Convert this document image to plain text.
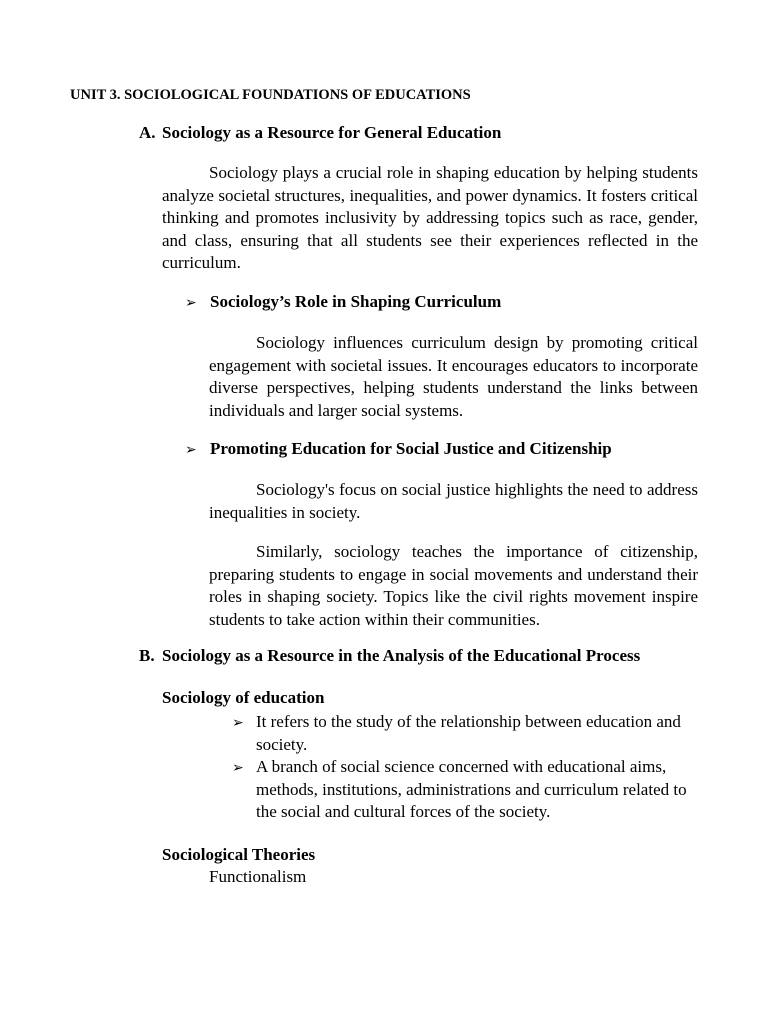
UNIT 3. SOCIOLOGICAL FOUNDATIONS OF EDUCATIONS

A. Sociology as a Resource for General Education

Sociology plays a crucial role in shaping education by helping students analyze societal structures, inequalities, and power dynamics. It fosters critical thinking and promotes inclusivity by addressing topics such as race, gender, and class, ensuring that all students see their experiences reflected in the curriculum.

➢ Sociology’s Role in Shaping Curriculum

Sociology influences curriculum design by promoting critical engagement with societal issues. It encourages educators to incorporate diverse perspectives, helping students understand the links between individuals and larger social systems.

➢ Promoting Education for Social Justice and Citizenship

Sociology's focus on social justice highlights the need to address inequalities in society.

Similarly, sociology teaches the importance of citizenship, preparing students to engage in social movements and understand their roles in shaping society. Topics like the civil rights movement inspire students to take action within their communities.

B. Sociology as a Resource in the Analysis of the Educational Process

Sociology of education

➢ It refers to the study of the relationship between education and society.
➢ A branch of social science concerned with educational aims, methods, institutions, administrations and curriculum related to the social and cultural forces of the society.

Sociological Theories

Functionalism
